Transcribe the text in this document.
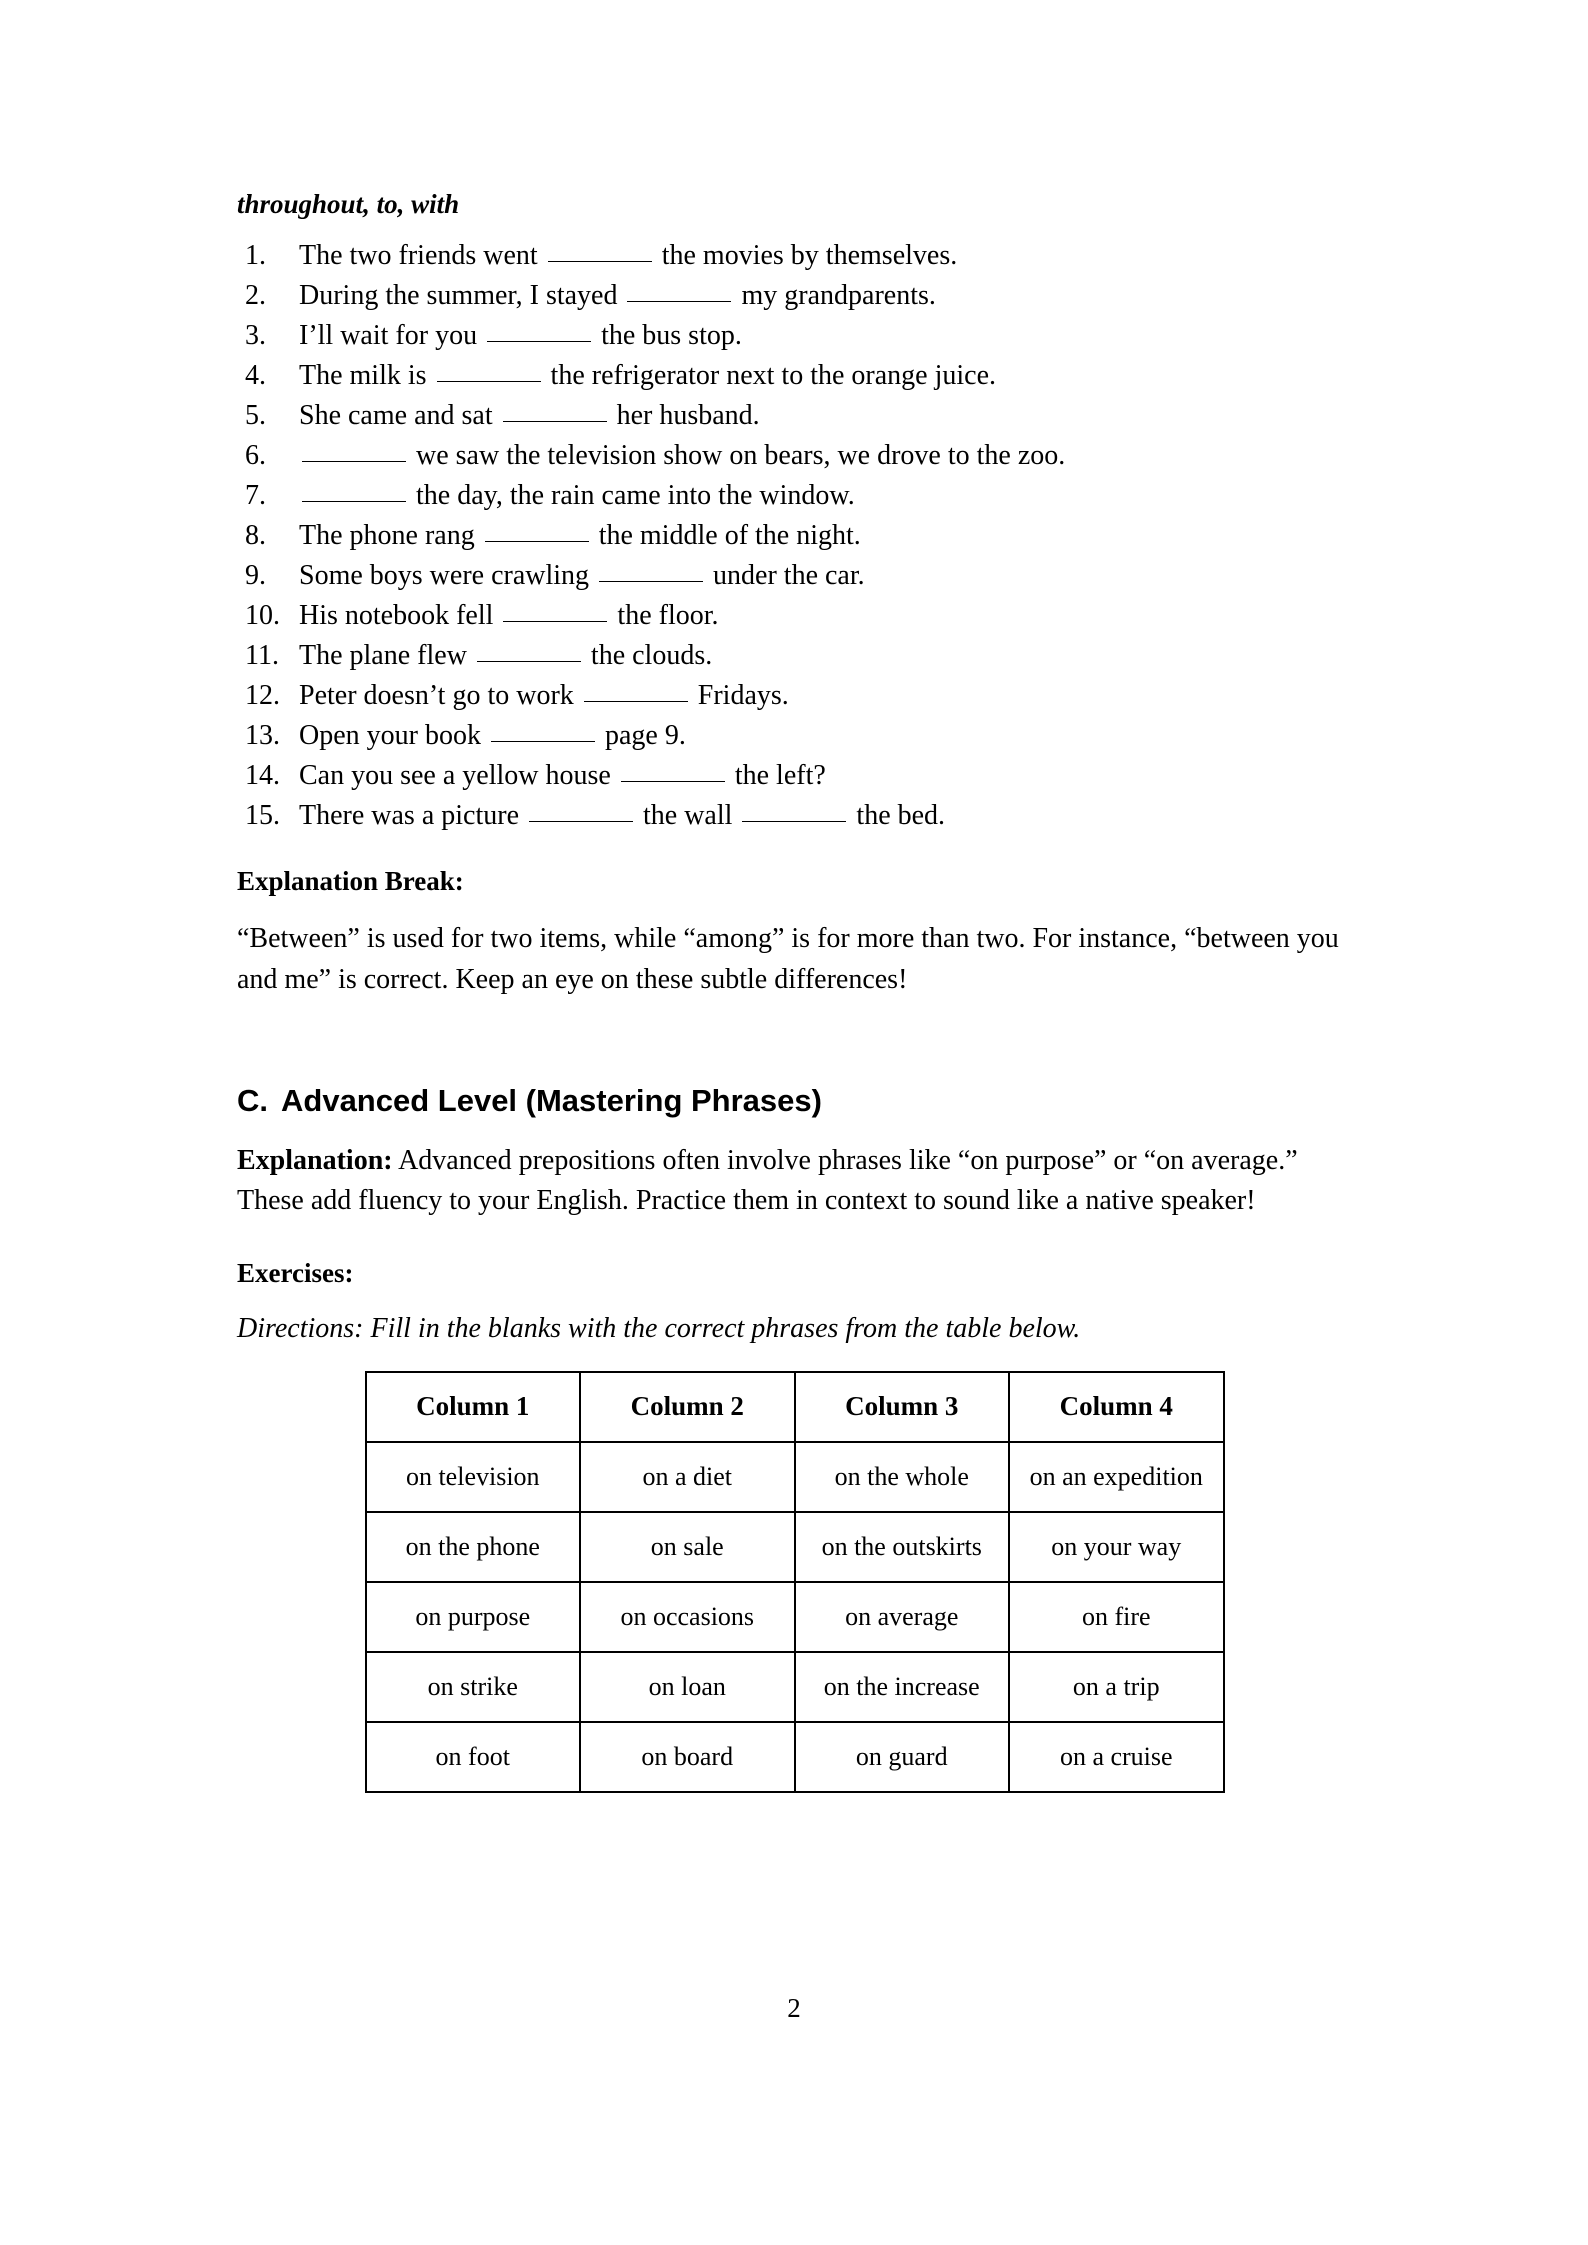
throughout, to, with
1.	The two friends went	the movies by themselves.
2.	During the summer, I stayed	my grandparents.
3.	I’ll wait for you	the bus stop.
4.	The milk is	the refrigerator next to the orange juice.
5.	She came and sat	her husband.
6.	we saw the television show on bears, we drove to the zoo.
7.	the day, the rain came into the window.
8.	The phone rang	the middle of the night.
9.	Some boys were crawling	under the car.
10. His notebook fell	the floor.
11. The plane flew	the clouds.
12. Peter doesn’t go to work	Fridays.
13. Open your book	page 9.
14. Can you see a yellow house	the left?
15. There was a picture	the wall	the bed.
Explanation Break:

“Between” is used for two items, while “among” is for more than two. For instance, “between you and me” is correct. Keep an eye on these subtle differences!

C. Advanced Level (Mastering Phrases)

Explanation: Advanced prepositions often involve phrases like “on purpose” or “on average.” These add fluency to your English. Practice them in context to sound like a native speaker!

Exercises:

Directions: Fill in the blanks with the correct phrases from the table below.

Column 1	Column 2	Column 3	Column 4
on television	on a diet	on the whole	on an expedition
on the phone	on sale	on the outskirts	on your way
on purpose	on occasions	on average	on fire
on strike	on loan	on the increase	on a trip
on foot	on board	on guard	on a cruise
2
